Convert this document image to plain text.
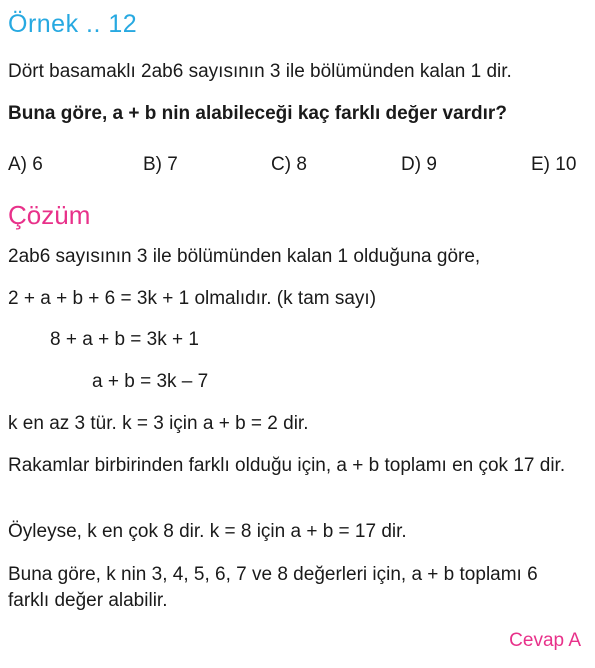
Örnek .. 12
Dört basamaklı 2ab6 sayısının 3 ile bölümünden kalan 1 dir.
Buna göre, a + b nin alabileceği kaç farklı değer vardır?
A) 6	B) 7	C) 8	D) 9	E) 10
Çözüm
2ab6 sayısının 3 ile bölümünden kalan 1 olduğuna göre,
2 + a + b + 6 = 3k + 1 olmalıdır. (k tam sayı)
8 + a + b = 3k + 1
a + b = 3k – 7
k en az 3 tür. k = 3 için a + b = 2 dir.
Rakamlar birbirinden farklı olduğu için, a + b toplamı en çok 17 dir.
Öyleyse, k en çok 8 dir. k = 8 için a + b = 17 dir.
Buna göre, k nin 3, 4, 5, 6, 7 ve 8 değerleri için, a + b toplamı 6 farklı değer alabilir.
Cevap A
